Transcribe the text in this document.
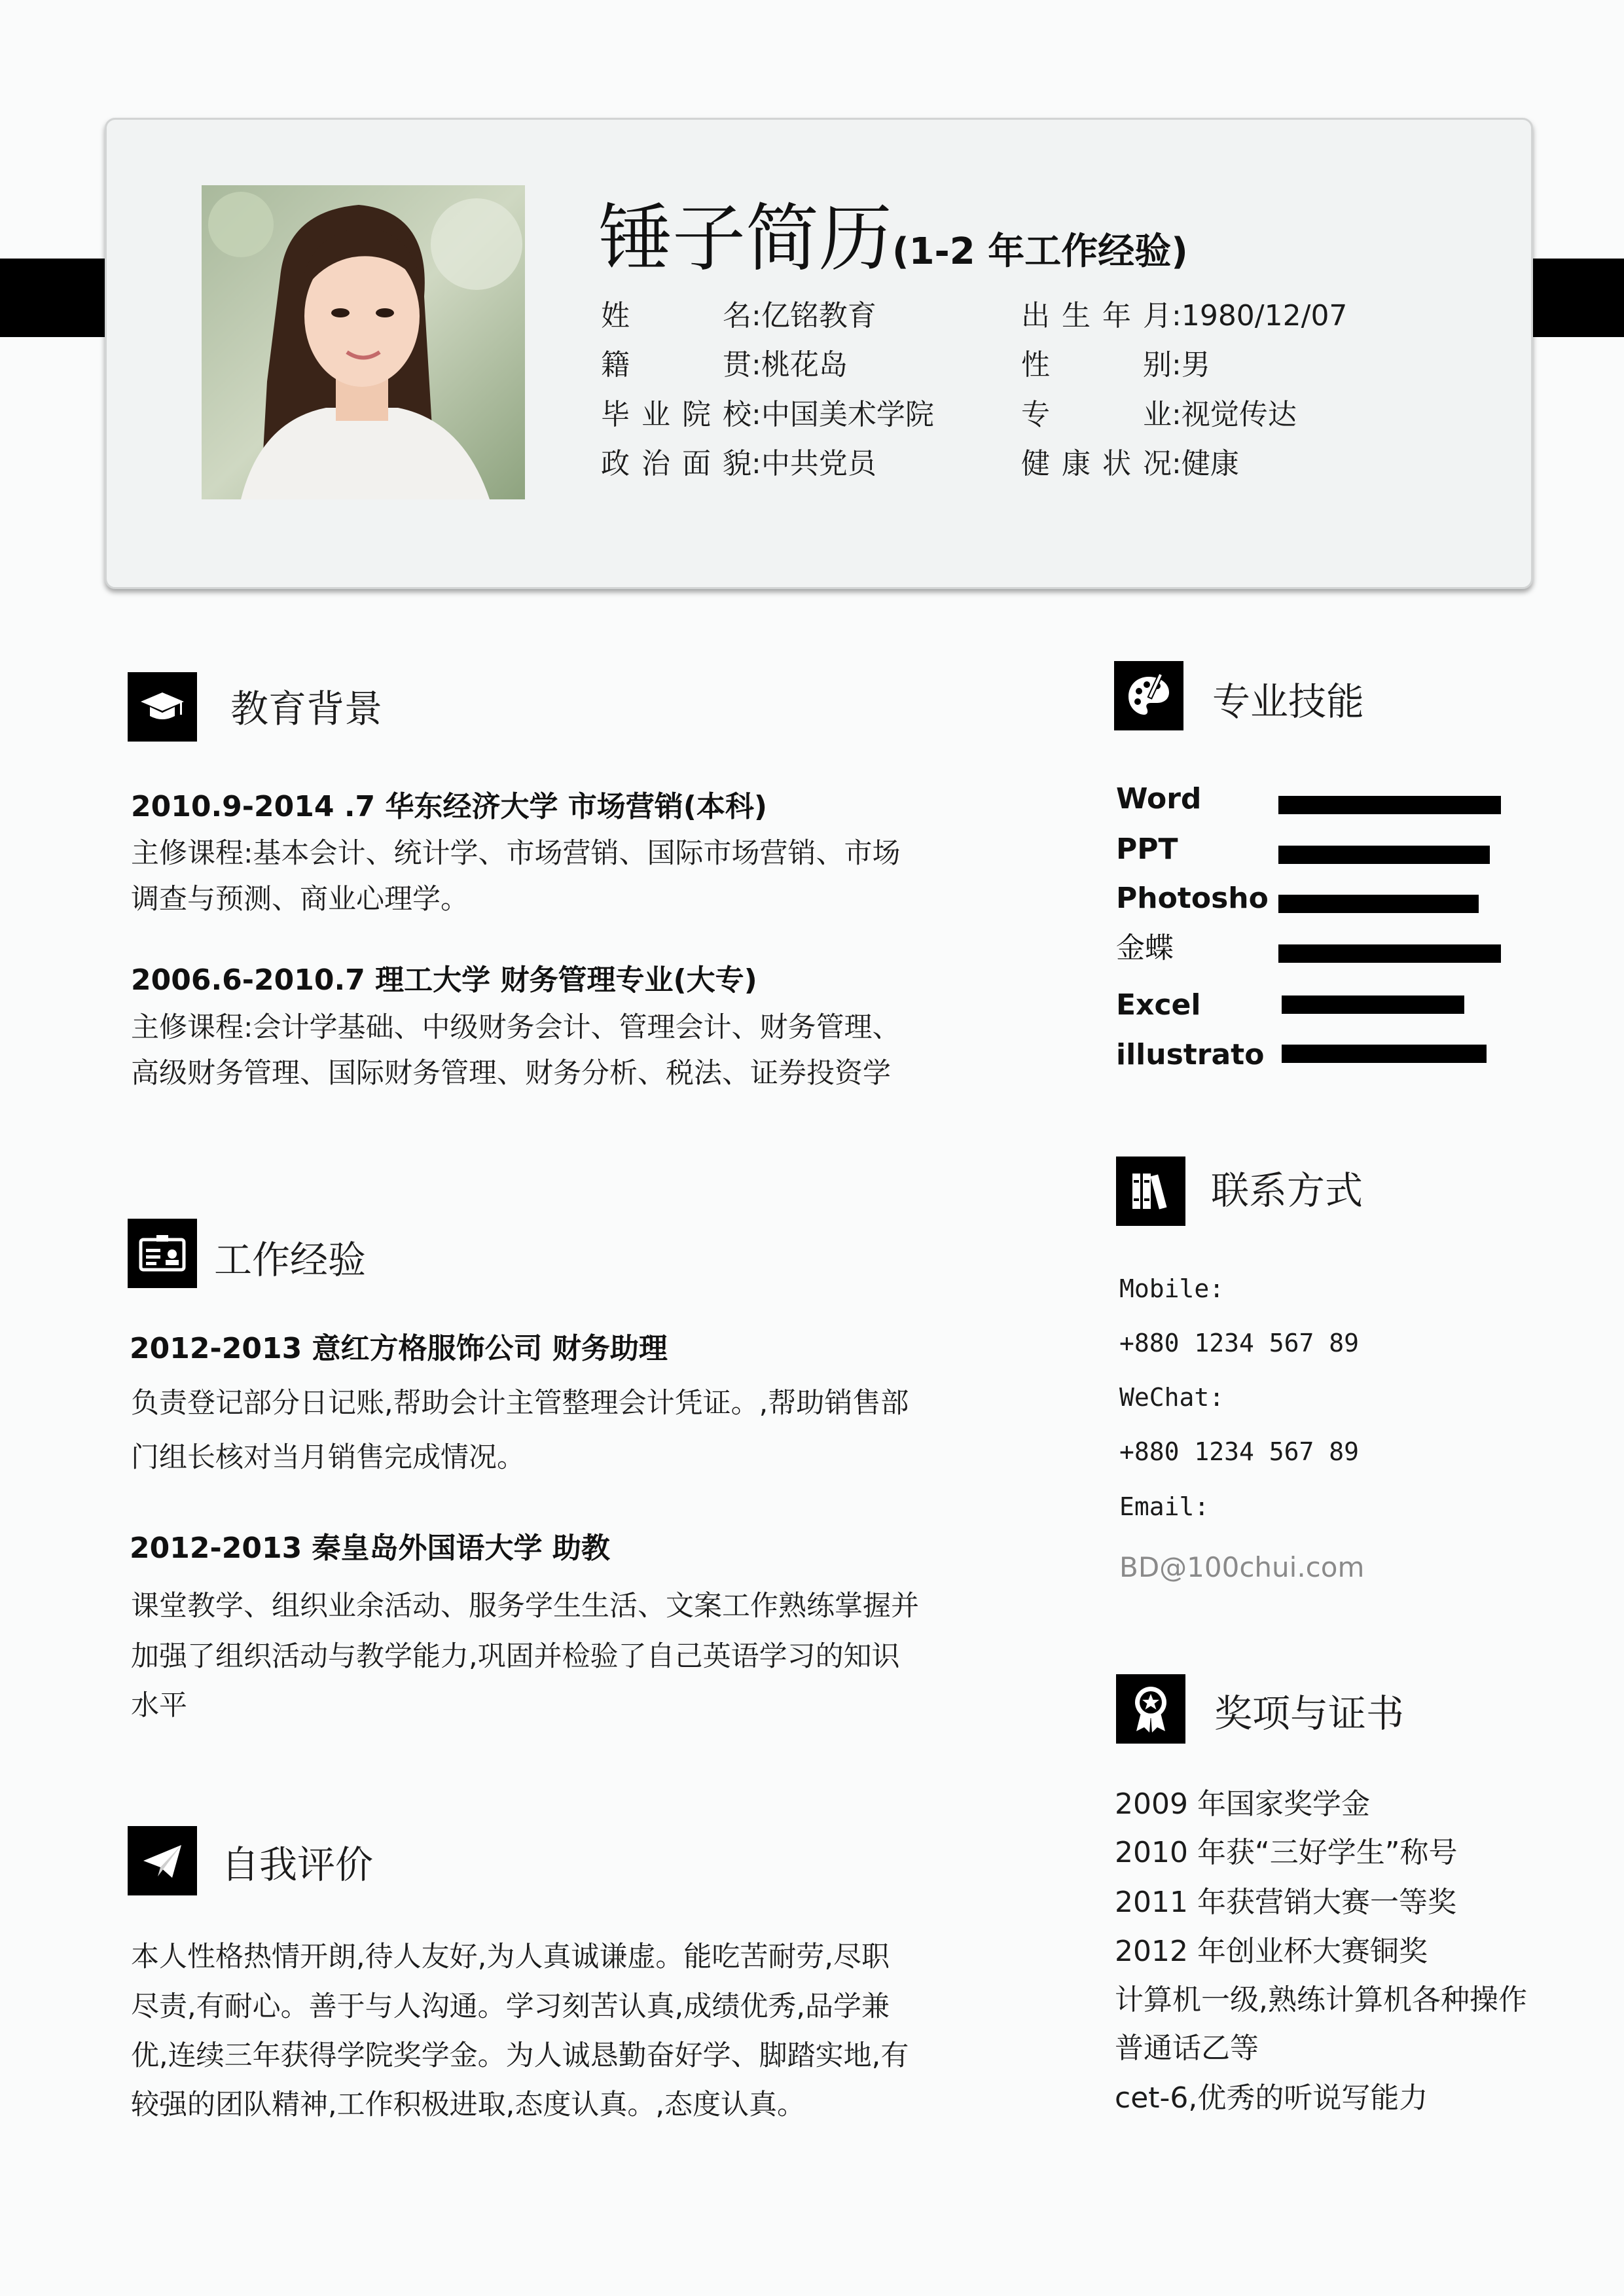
锤子简历(1-2 年工作经验)
姓名:亿铭教育
籍贯:桃花岛
毕业院校:中国美术学院
政治面貌:中共党员
出生年月:1980/12/07
性别:男
专业:视觉传达
健康状况:健康
教育背景
2010.9-2014 .7 华东经济大学 市场营销(本科)
主修课程:基本会计、统计学、市场营销、国际市场营销、市场
调查与预测、商业心理学。
2006.6-2010.7 理工大学 财务管理专业(大专)
主修课程:会计学基础、中级财务会计、管理会计、财务管理、
高级财务管理、国际财务管理、财务分析、税法、证券投资学
工作经验
2012-2013 意红方格服饰公司 财务助理
负责登记部分日记账,帮助会计主管整理会计凭证。,帮助销售部
门组长核对当月销售完成情况。
2012-2013 秦皇岛外国语大学 助教
课堂教学、组织业余活动、服务学生生活、文案工作熟练掌握并
加强了组织活动与教学能力,巩固并检验了自己英语学习的知识
水平
自我评价
本人性格热情开朗,待人友好,为人真诚谦虚。能吃苦耐劳,尽职
尽责,有耐心。善于与人沟通。学习刻苦认真,成绩优秀,品学兼
优,连续三年获得学院奖学金。为人诚恳勤奋好学、脚踏实地,有
较强的团队精神,工作积极进取,态度认真。,态度认真。
专业技能
Word
PPT
Photosho
金蝶
Excel
illustrato
联系方式
Mobile:
+880 1234 567 89
WeChat:
+880 1234 567 89
Email:
BD@100chui.com
奖项与证书
2009 年国家奖学金
2010 年获“三好学生”称号
2011 年获营销大赛一等奖
2012 年创业杯大赛铜奖
计算机一级,熟练计算机各种操作
普通话乙等
cet-6,优秀的听说写能力
